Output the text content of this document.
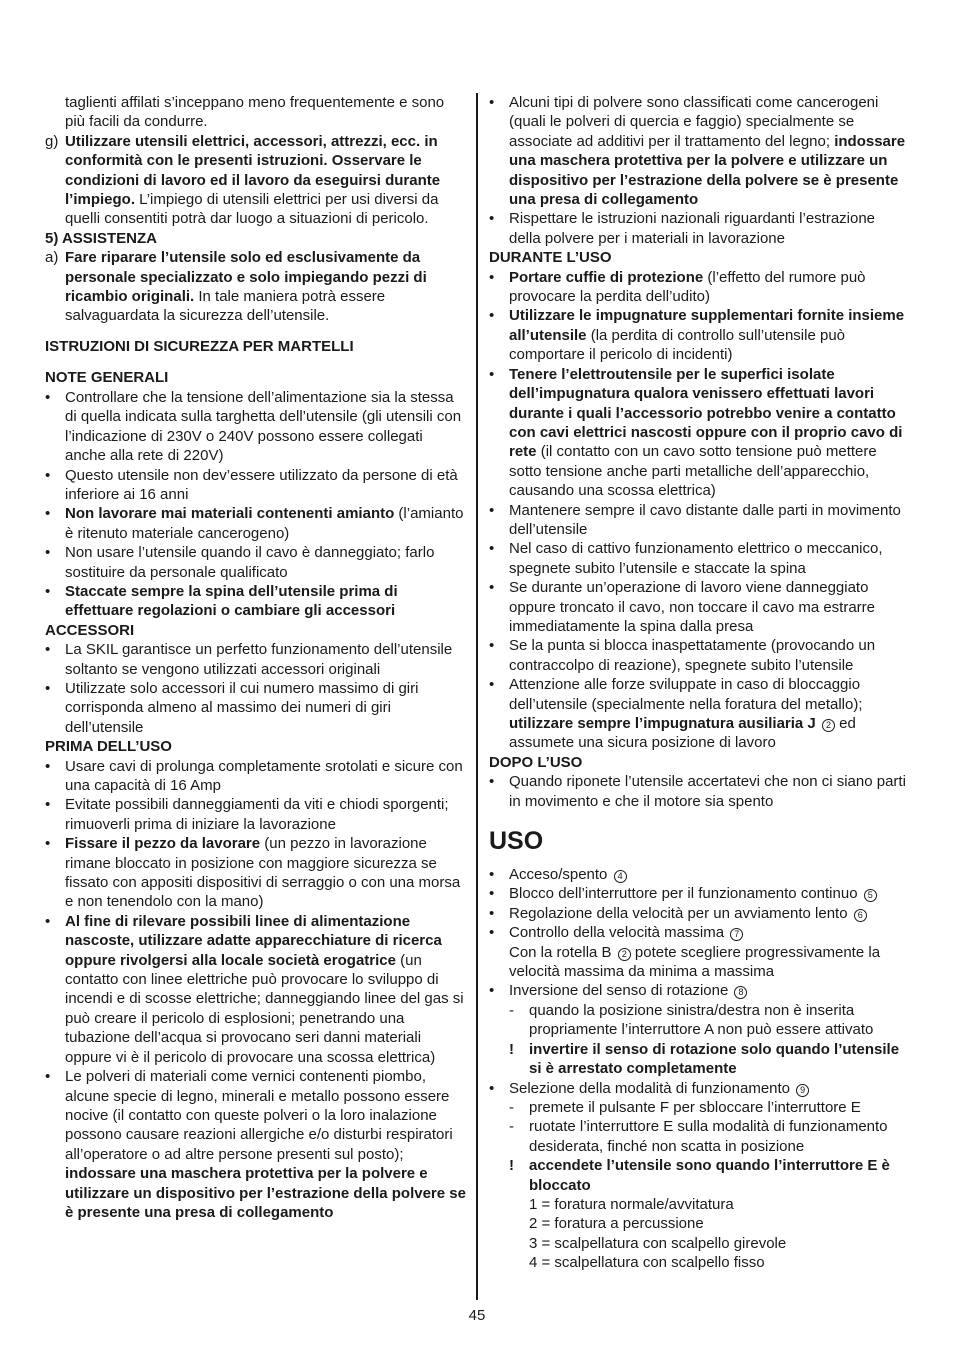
taglienti affilati s’inceppano meno frequentemente e sono più facili da condurre.

g) Utilizzare utensili elettrici, accessori, attrezzi, ecc. in conformità con le presenti istruzioni. Osservare le condizioni di lavoro ed il lavoro da eseguirsi durante l’impiego. L’impiego di utensili elettrici per usi diversi da quelli consentiti potrà dar luogo a situazioni di pericolo.

5) ASSISTENZA

a) Fare riparare l’utensile solo ed esclusivamente da personale specializzato e solo impiegando pezzi di ricambio originali. In tale maniera potrà essere salvaguardata la sicurezza dell’utensile.

ISTRUZIONI DI SICUREZZA PER MARTELLI

NOTE GENERALI

• Controllare che la tensione dell’alimentazione sia la stessa di quella indicata sulla targhetta dell’utensile (gli utensili con l’indicazione di 230V o 240V possono essere collegati anche alla rete di 220V)
• Questo utensile non dev’essere utilizzato da persone di età inferiore ai 16 anni
• Non lavorare mai materiali contenenti amianto (l’amianto è ritenuto materiale cancerogeno)
• Non usare l’utensile quando il cavo è danneggiato; farlo sostituire da personale qualificato
• Staccate sempre la spina dell’utensile prima di effettuare regolazioni o cambiare gli accessori

ACCESSORI

• La SKIL garantisce un perfetto funzionamento dell’utensile soltanto se vengono utilizzati accessori originali
• Utilizzate solo accessori il cui numero massimo di giri corrisponda almeno al massimo dei numeri di giri dell’utensile

PRIMA DELL’USO

• Usare cavi di prolunga completamente srotolati e sicure con una capacità di 16 Amp
• Evitate possibili danneggiamenti da viti e chiodi sporgenti; rimuoverli prima di iniziare la lavorazione
• Fissare il pezzo da lavorare (un pezzo in lavorazione rimane bloccato in posizione con maggiore sicurezza se fissato con appositi dispositivi di serraggio o con una morsa e non tenendolo con la mano)
• Al fine di rilevare possibili linee di alimentazione nascoste, utilizzare adatte apparecchiature di ricerca oppure rivolgersi alla locale società erogatrice (un contatto con linee elettriche può provocare lo sviluppo di incendi e di scosse elettriche; danneggiando linee del gas si può creare il pericolo di esplosioni; penetrando una tubazione dell’acqua si provocano seri danni materiali oppure vi è il pericolo di provocare una scossa elettrica)
• Le polveri di materiali come vernici contenenti piombo, alcune specie di legno, minerali e metallo possono essere nocive (il contatto con queste polveri o la loro inalazione possono causare reazioni allergiche e/o disturbi respiratori all’operatore o ad altre persone presenti sul posto); indossare una maschera protettiva per la polvere e utilizzare un dispositivo per l’estrazione della polvere se è presente una presa di collegamento
• Alcuni tipi di polvere sono classificati come cancerogeni (quali le polveri di quercia e faggio) specialmente se associate ad additivi per il trattamento del legno; indossare una maschera protettiva per la polvere e utilizzare un dispositivo per l’estrazione della polvere se è presente una presa di collegamento
• Rispettare le istruzioni nazionali riguardanti l’estrazione della polvere per i materiali in lavorazione

DURANTE L’USO

• Portare cuffie di protezione (l’effetto del rumore può provocare la perdita dell’udito)
• Utilizzare le impugnature supplementari fornite insieme all’utensile (la perdita di controllo sull’utensile può comportare il pericolo di incidenti)
• Tenere l’elettroutensile per le superfici isolate dell’impugnatura qualora venissero effettuati lavori durante i quali l’accessorio potrebbo venire a contatto con cavi elettrici nascosti oppure con il proprio cavo di rete (il contatto con un cavo sotto tensione può mettere sotto tensione anche parti metalliche dell’apparecchio, causando una scossa elettrica)
• Mantenere sempre il cavo distante dalle parti in movimento dell’utensile
• Nel caso di cattivo funzionamento elettrico o meccanico, spegnete subito l’utensile e staccate la spina
• Se durante un’operazione di lavoro viene danneggiato oppure troncato il cavo, non toccare il cavo ma estrarre immediatamente la spina dalla presa
• Se la punta si blocca inaspettatamente (provocando un contraccolpo di reazione), spegnete subito l’utensile
• Attenzione alle forze sviluppate in caso di bloccaggio dell’utensile (specialmente nella foratura del metallo); utilizzare sempre l’impugnatura ausiliaria J 2 ed assumete una sicura posizione di lavoro

DOPO L’USO

• Quando riponete l’utensile accertatevi che non ci siano parti in movimento e che il motore sia spento

USO

• Acceso/spento 4
• Blocco dell’interruttore per il funzionamento continuo 5
• Regolazione della velocità per un avviamento lento 6
• Controllo della velocità massima 7

Con la rotella B 2 potete scegliere progressivamente la velocità massima da minima a massima

• Inversione del senso di rotazione 8
- quando la posizione sinistra/destra non è inserita propriamente l’interruttore A non può essere attivato
! invertire il senso di rotazione solo quando l’utensile si è arrestato completamente
• Selezione della modalità di funzionamento 9
- premete il pulsante F per sbloccare l’interruttore E
- ruotate l’interruttore E sulla modalità di funzionamento desiderata, finché non scatta in posizione
! accendete l’utensile sono quando l’interruttore E è bloccato

1 = foratura normale/avvitatura

2 = foratura a percussione

3 = scalpellatura con scalpello girevole

4 = scalpellatura con scalpello fisso

45
